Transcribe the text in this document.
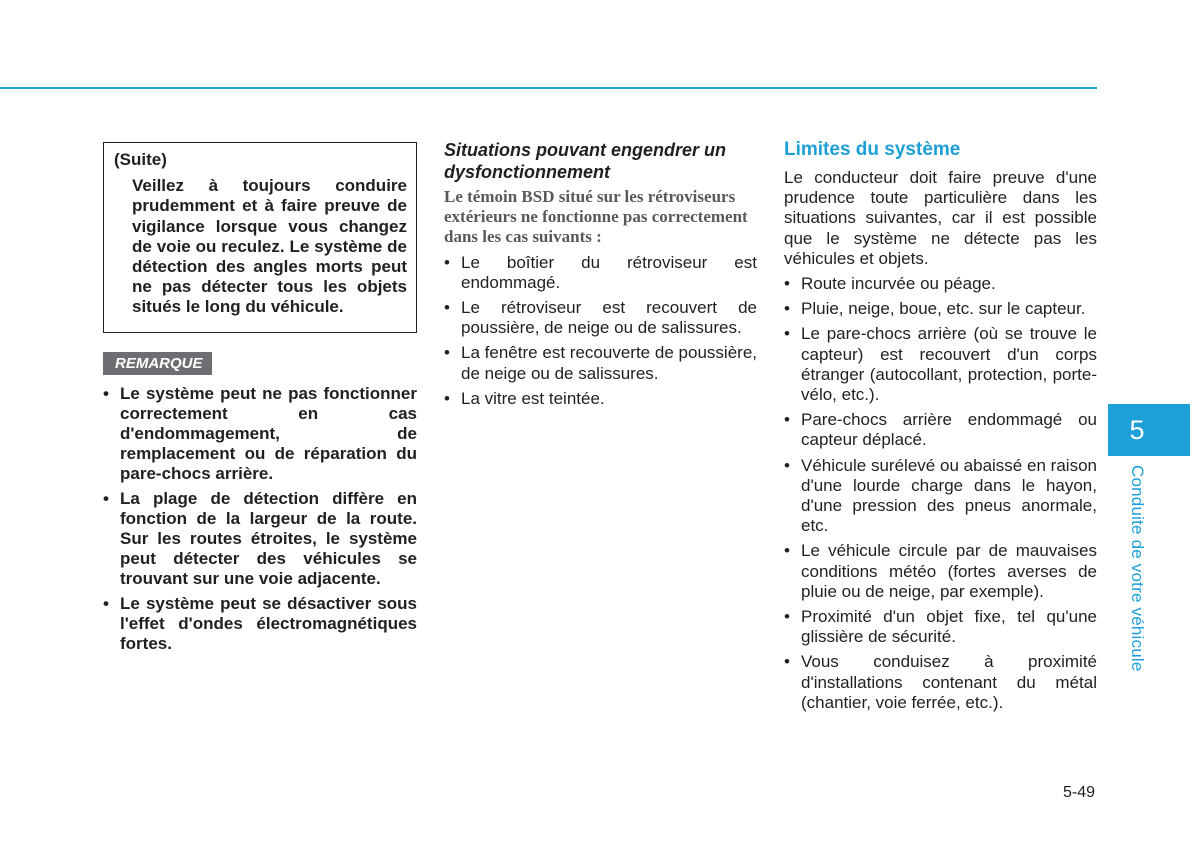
(Suite)

Veillez à toujours conduire prudemment et à faire preuve de vigilance lorsque vous changez de voie ou reculez. Le système de détection des angles morts peut ne pas détecter tous les objets situés le long du véhicule.

REMARQUE
• Le système peut ne pas fonctionner correctement en cas d'endommagement, de remplacement ou de réparation du pare-chocs arrière.
• La plage de détection diffère en fonction de la largeur de la route. Sur les routes étroites, le système peut détecter des véhicules se trouvant sur une voie adjacente.
• Le système peut se désactiver sous l'effet d'ondes électromagnétiques fortes.
Situations pouvant engendrer un dysfonctionnement

Le témoin BSD situé sur les rétroviseurs extérieurs ne fonctionne pas correctement dans les cas suivants :

• Le boîtier du rétroviseur est endommagé.
• Le rétroviseur est recouvert de poussière, de neige ou de salissures.
• La fenêtre est recouverte de poussière, de neige ou de salissures.
• La vitre est teintée.
Limites du système

Le conducteur doit faire preuve d'une prudence toute particulière dans les situations suivantes, car il est possible que le système ne détecte pas les véhicules et objets.

• Route incurvée ou péage.
• Pluie, neige, boue, etc. sur le capteur.
• Le pare-chocs arrière (où se trouve le capteur) est recouvert d'un corps étranger (autocollant, protection, porte-vélo, etc.).
• Pare-chocs arrière endommagé ou capteur déplacé.
• Véhicule surélevé ou abaissé en raison d'une lourde charge dans le hayon, d'une pression des pneus anormale, etc.
• Le véhicule circule par de mauvaises conditions météo (fortes averses de pluie ou de neige, par exemple).
• Proximité d'un objet fixe, tel qu'une glissière de sécurité.
• Vous conduisez à proximité d'installations contenant du métal (chantier, voie ferrée, etc.).
5
Conduite de votre véhicule
5-49
